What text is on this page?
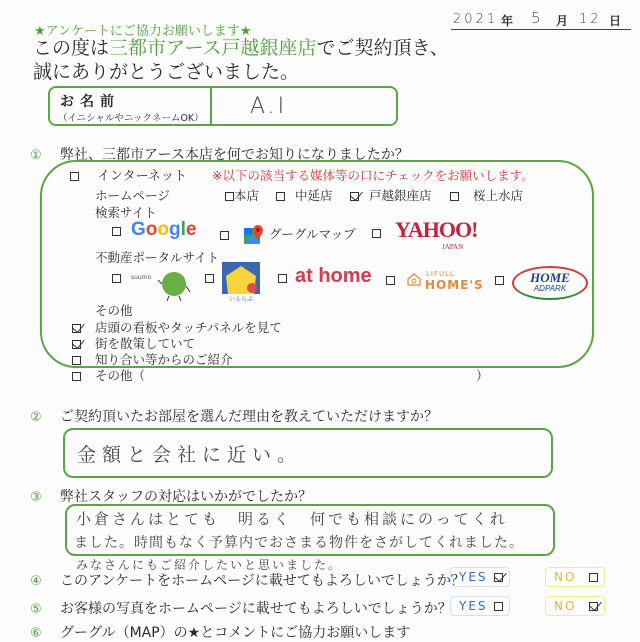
★アンケートにご協力お願いします★
この度は三都市アース戸越銀座店でご契約頂き、
誠にありがとうございました。
2021 年 5 月 12 日
お名前
（イニシャルやニックネームOK） A.I
① 弊社、三都市アース本店を何でお知りになりましたか？
インターネット ※以下の該当する媒体等の口にチェックをお願いします。
ホームページ	本店	中延店	戸越銀座店	桜上水店
検索サイト
Google	グーグルマップ	YAHOO!
JAPAN
不動産ポータルサイト
$^{suumo}$
いえらぶ
at home	LIFULL
HOME'S	HOME
ADPARK
その他
店頭の看板やタッチパネルを見て
街を散策していて
知り合い等からのご紹介
その他（	）
② ご契約頂いたお部屋を選んだ理由を教えていただけますか？
金額と会社に近い。
③ 弊社スタッフの対応はいかがでしたか？
小倉さんはとても　明るく　何でも相談にのってくれ
ました。時間もなく予算内でおさまる物件をさがしてくれました。
みなさんにもご紹介したいと思いました。
④ このアンケートをホームページに載せてもよろしいでしょうか？
YES	NO
⑤ お客様の写真をホームページに載せてもよろしいでしょうか？ YES	NO
⑥ グーグル（MAP）の★とコメントにご協力お願いします
